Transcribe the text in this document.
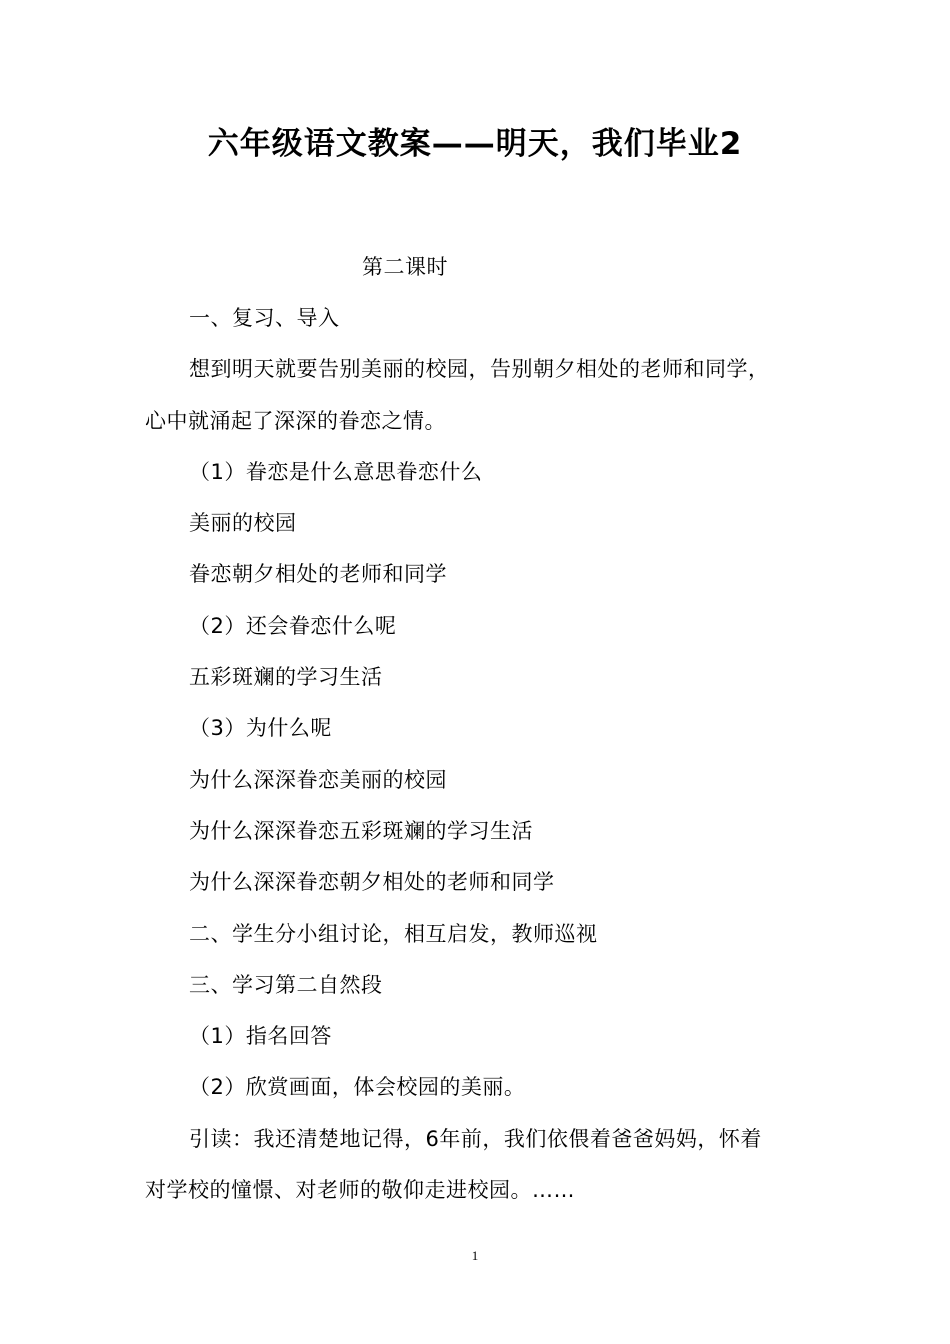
六年级语文教案——明天，我们毕业2
第二课时
一、复习、导入
想到明天就要告别美丽的校园，告别朝夕相处的老师和同学，
心中就涌起了深深的眷恋之情。
（1）眷恋是什么意思眷恋什么
美丽的校园
眷恋朝夕相处的老师和同学
（2）还会眷恋什么呢
五彩斑斓的学习生活
（3）为什么呢
为什么深深眷恋美丽的校园
为什么深深眷恋五彩斑斓的学习生活
为什么深深眷恋朝夕相处的老师和同学
二、学生分小组讨论，相互启发，教师巡视
三、学习第二自然段
（1）指名回答
（2）欣赏画面，体会校园的美丽。
引读：我还清楚地记得，6年前，我们依偎着爸爸妈妈，怀着
对学校的憧憬、对老师的敬仰走进校园。……
1
